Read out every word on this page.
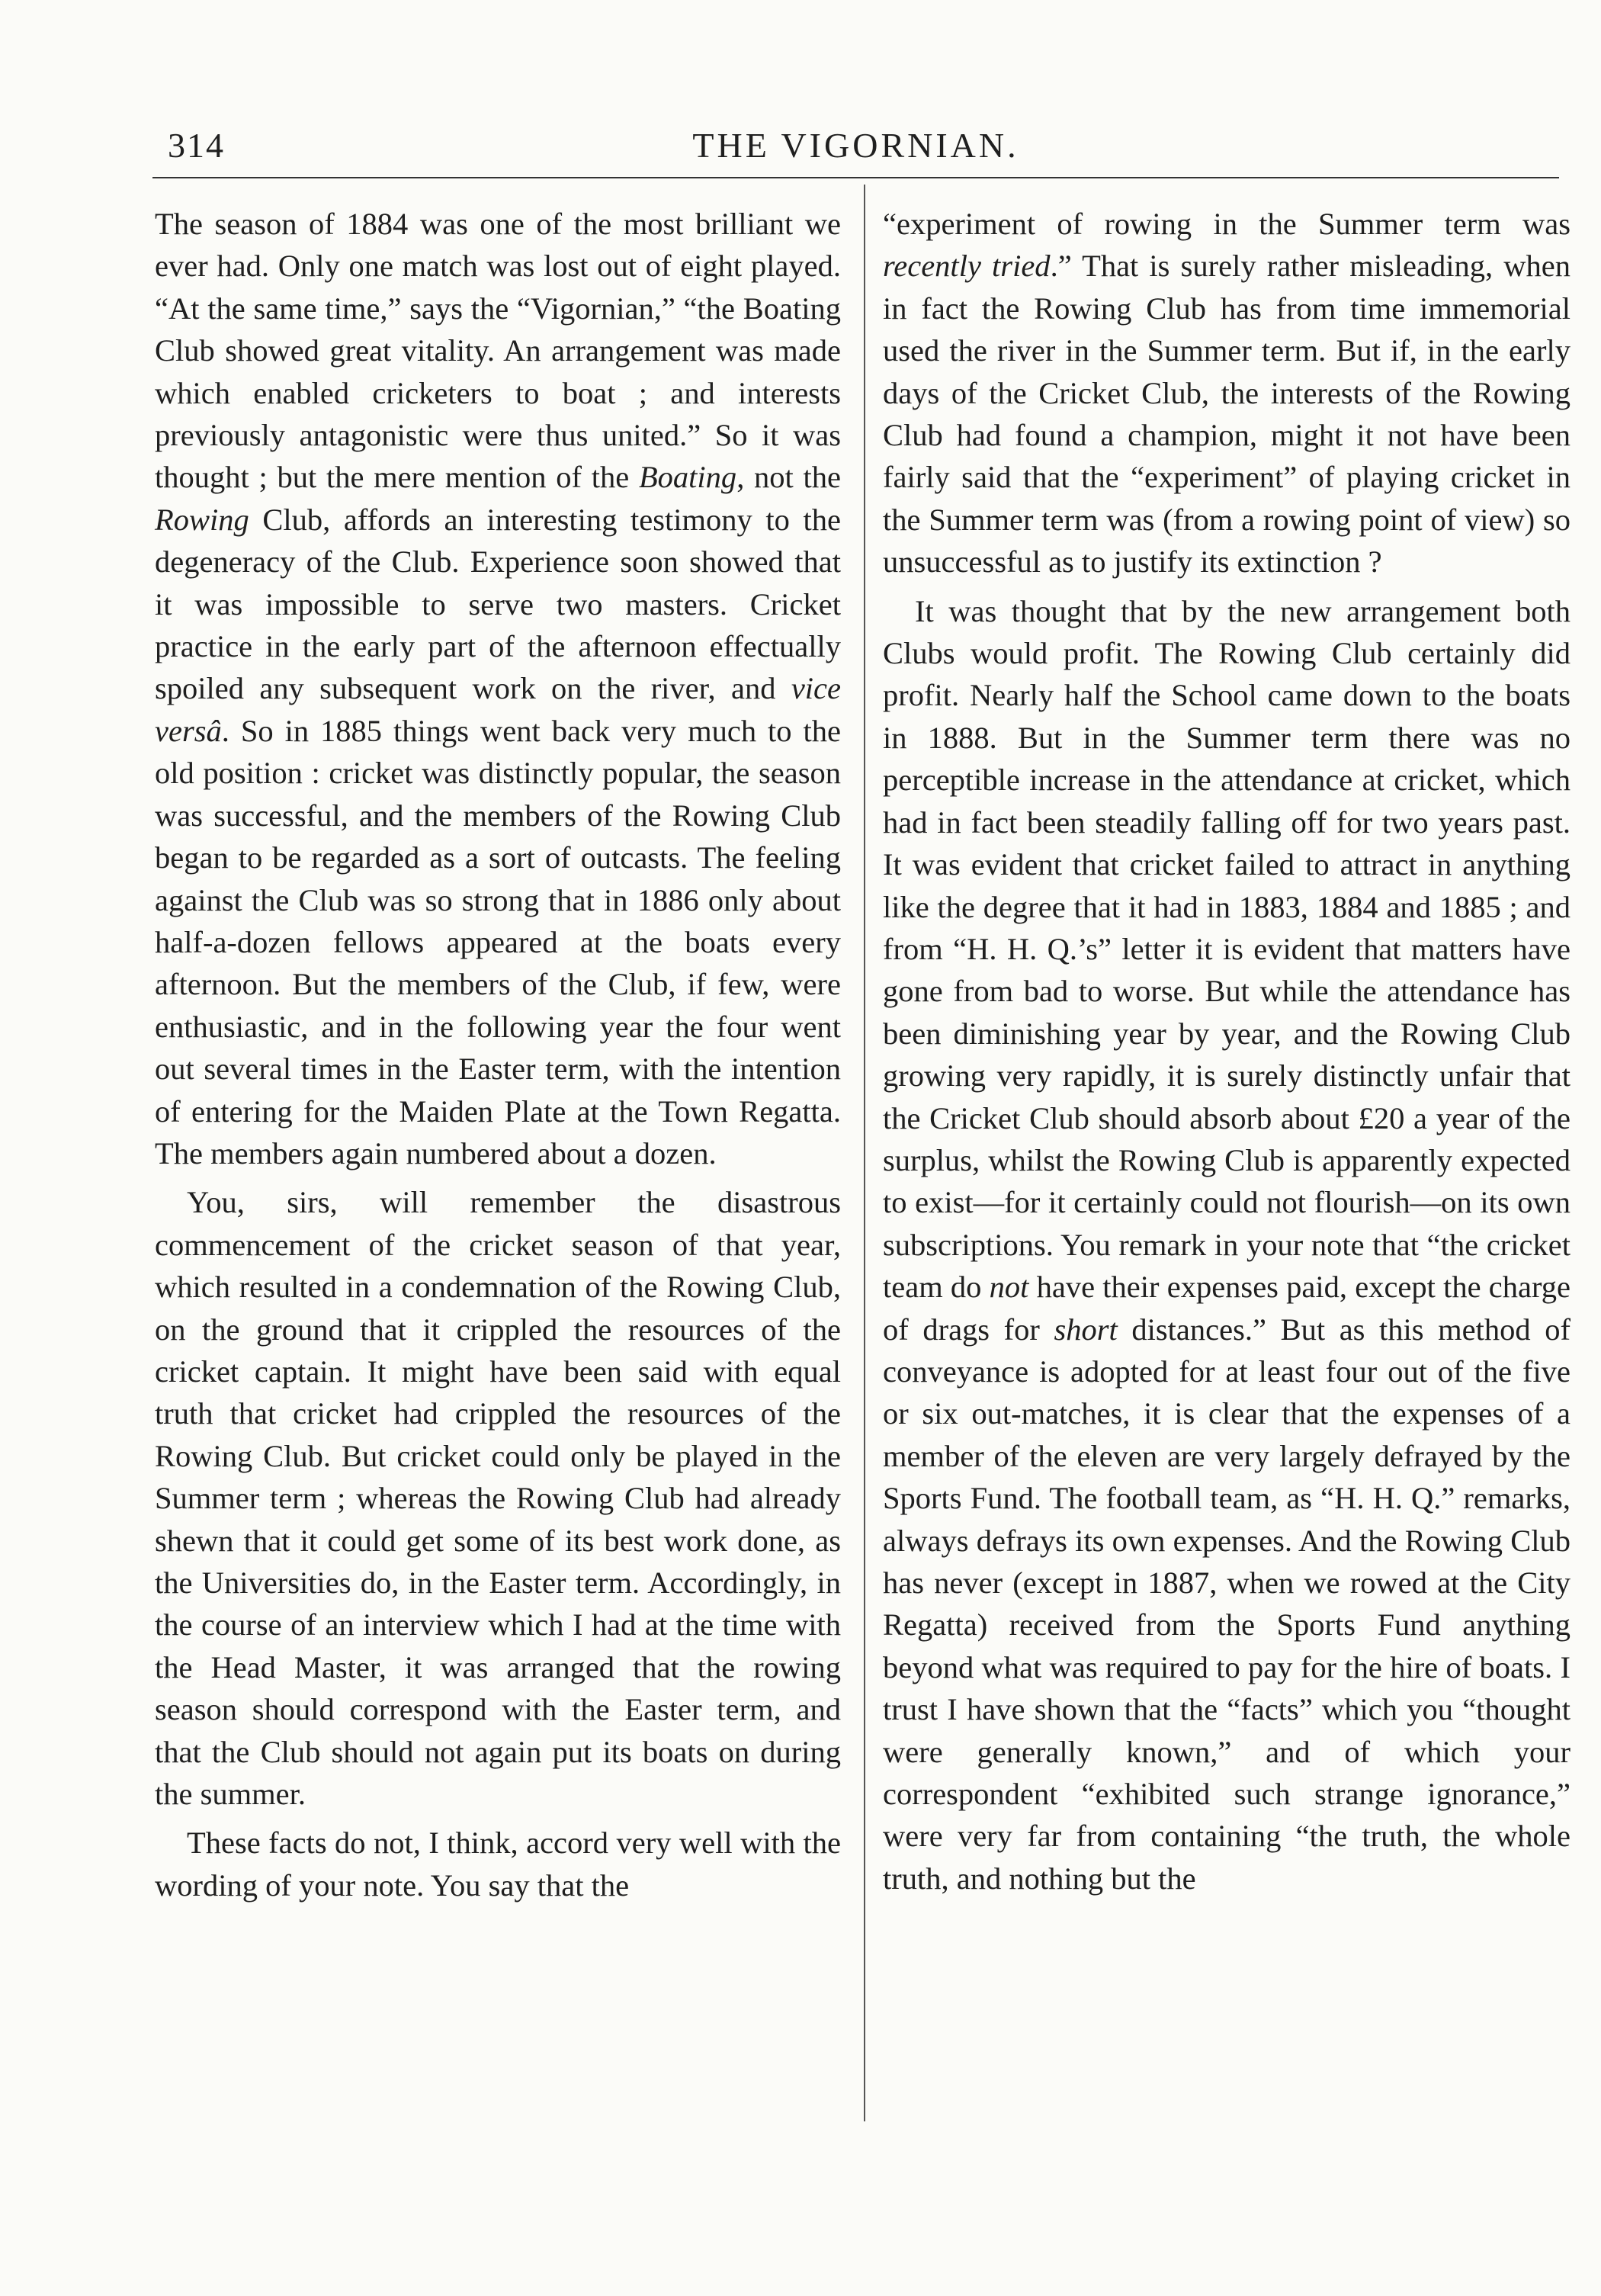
314	THE VIGORNIAN.

The season of 1884 was one of the most brilliant we ever had. Only one match was lost out of eight played. “At the same time,” says the “Vigornian,” “the Boating Club showed great vitality. An arrangement was made which enabled cricketers to boat ; and interests previously antagonistic were thus united.” So it was thought ; but the mere mention of the Boating, not the Rowing Club, affords an interesting testimony to the degeneracy of the Club. Experience soon showed that it was impossible to serve two masters. Cricket practice in the early part of the afternoon effectually spoiled any subsequent work on the river, and vice versâ. So in 1885 things went back very much to the old position : cricket was distinctly popular, the season was successful, and the members of the Rowing Club began to be regarded as a sort of outcasts. The feeling against the Club was so strong that in 1886 only about half-a-dozen fellows appeared at the boats every afternoon. But the members of the Club, if few, were enthusiastic, and in the following year the four went out several times in the Easter term, with the intention of entering for the Maiden Plate at the Town Regatta. The members again numbered about a dozen.

You, sirs, will remember the disastrous commencement of the cricket season of that year, which resulted in a condemnation of the Rowing Club, on the ground that it crippled the resources of the cricket captain. It might have been said with equal truth that cricket had crippled the resources of the Rowing Club. But cricket could only be played in the Summer term ; whereas the Rowing Club had already shewn that it could get some of its best work done, as the Universities do, in the Easter term. Accordingly, in the course of an interview which I had at the time with the Head Master, it was arranged that the rowing season should correspond with the Easter term, and that the Club should not again put its boats on during the summer.

These facts do not, I think, accord very well with the wording of your note. You say that the

“experiment of rowing in the Summer term was recently tried.” That is surely rather misleading, when in fact the Rowing Club has from time immemorial used the river in the Summer term. But if, in the early days of the Cricket Club, the interests of the Rowing Club had found a champion, might it not have been fairly said that the “experiment” of playing cricket in the Summer term was (from a rowing point of view) so unsuccessful as to justify its extinction ?

It was thought that by the new arrangement both Clubs would profit. The Rowing Club certainly did profit. Nearly half the School came down to the boats in 1888. But in the Summer term there was no perceptible increase in the attendance at cricket, which had in fact been steadily falling off for two years past. It was evident that cricket failed to attract in anything like the degree that it had in 1883, 1884 and 1885 ; and from “H. H. Q.’s” letter it is evident that matters have gone from bad to worse. But while the attendance has been diminishing year by year, and the Rowing Club growing very rapidly, it is surely distinctly unfair that the Cricket Club should absorb about £20 a year of the surplus, whilst the Rowing Club is apparently expected to exist—for it certainly could not flourish—on its own subscriptions. You remark in your note that “the cricket team do not have their expenses paid, except the charge of drags for short distances.” But as this method of conveyance is adopted for at least four out of the five or six out-matches, it is clear that the expenses of a member of the eleven are very largely defrayed by the Sports Fund. The football team, as “H. H. Q.” remarks, always defrays its own expenses. And the Rowing Club has never (except in 1887, when we rowed at the City Regatta) received from the Sports Fund anything beyond what was required to pay for the hire of boats. I trust I have shown that the “facts” which you “thought were generally known,” and of which your correspondent “exhibited such strange ignorance,” were very far from containing “the truth, the whole truth, and nothing but the
